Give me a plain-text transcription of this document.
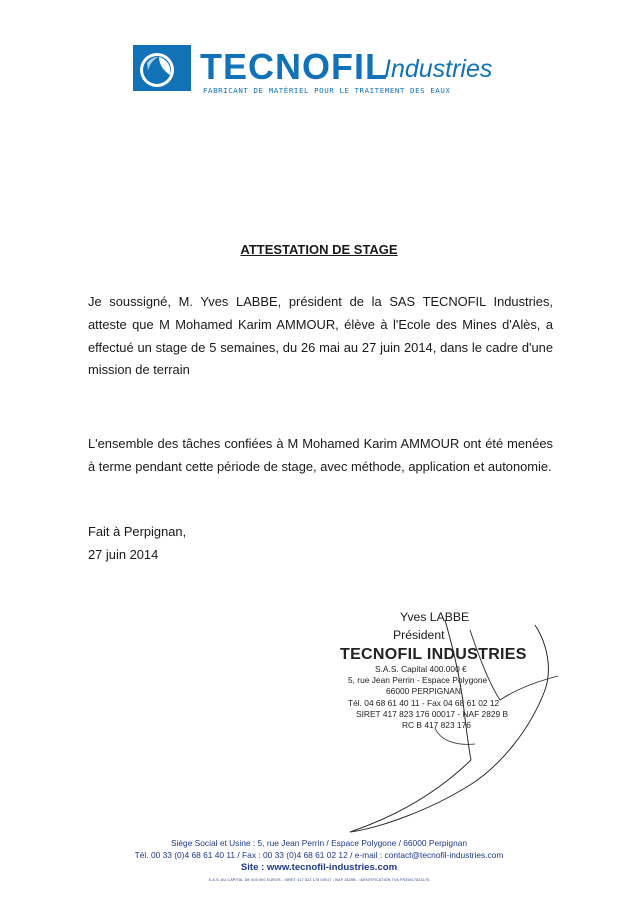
TECNOFIL
Industries
FABRICANT DE MATÉRIEL POUR LE TRAITEMENT DES EAUX
ATTESTATION DE STAGE
Je soussigné, M. Yves LABBE, président de la SAS TECNOFIL Industries, atteste que M Mohamed Karim AMMOUR, élève à l'Ecole des Mines d'Alès, a effectué un stage de 5 semaines, du 26 mai au 27 juin 2014, dans le cadre d'une mission de terrain
L'ensemble des tâches confiées à M Mohamed Karim AMMOUR ont été menées à terme pendant cette période de stage, avec méthode, application et autonomie.
Fait à Perpignan,
27 juin 2014
Yves LABBE
Président
TECNOFIL INDUSTRIES
S.A.S. Capital 400.000 €
5, rue Jean Perrin - Espace Polygone
66000 PERPIGNAN
Tél. 04 68 61 40 11 - Fax 04 68 61 02 12
SIRET 417 823 176 00017 - NAF 2829 B
RC B 417 823 176
Siège Social et Usine : 5, rue Jean Perrin / Espace Polygone / 66000 Perpignan
Tél. 00 33 (0)4 68 61 40 11 / Fax : 00 33 (0)4 68 61 02 12 / e-mail : contact@tecnofil-industries.com
Site : www.tecnofil-industries.com
S.A.S. AU CAPITAL DE 400 000 EUROS - SIRET 417 823 176 00017 - NAF 2829B - IDENTIFICATION TVA FR39417823176
